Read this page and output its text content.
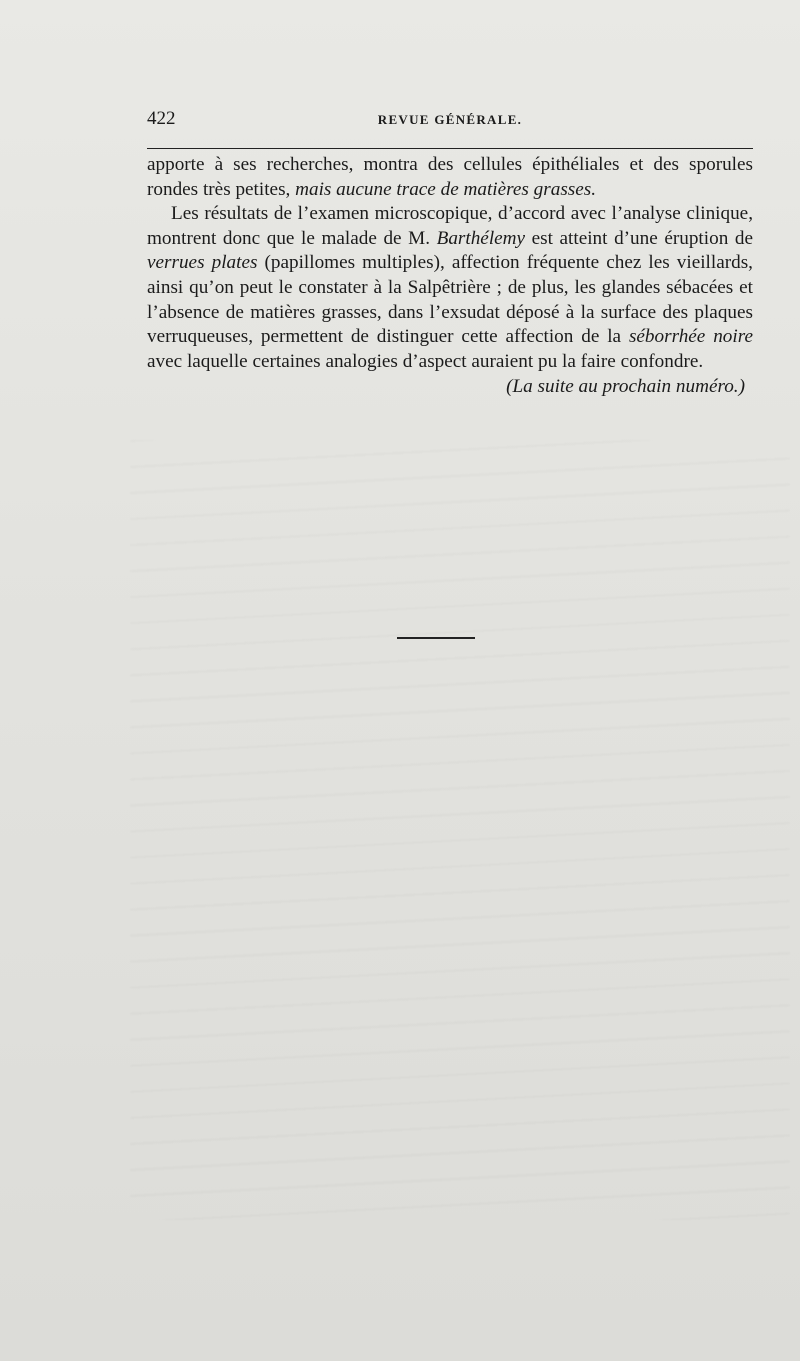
422	REVUE GÉNÉRALE.

apporte à ses recherches, montra des cellules épithéliales et des sporules rondes très petites, mais aucune trace de matières grasses.

Les résultats de l’examen microscopique, d’accord avec l’analyse clinique, montrent donc que le malade de M. Barthélemy est atteint d’une éruption de verrues plates (papillomes multiples), affection fréquente chez les vieillards, ainsi qu’on peut le constater à la Salpêtrière ; de plus, les glandes sébacées et l’absence de matières grasses, dans l’exsudat déposé à la surface des plaques verruqueuses, permettent de distinguer cette affection de la séborrhée noire avec laquelle certaines analogies d’aspect auraient pu la faire confondre.

(La suite au prochain numéro.)
